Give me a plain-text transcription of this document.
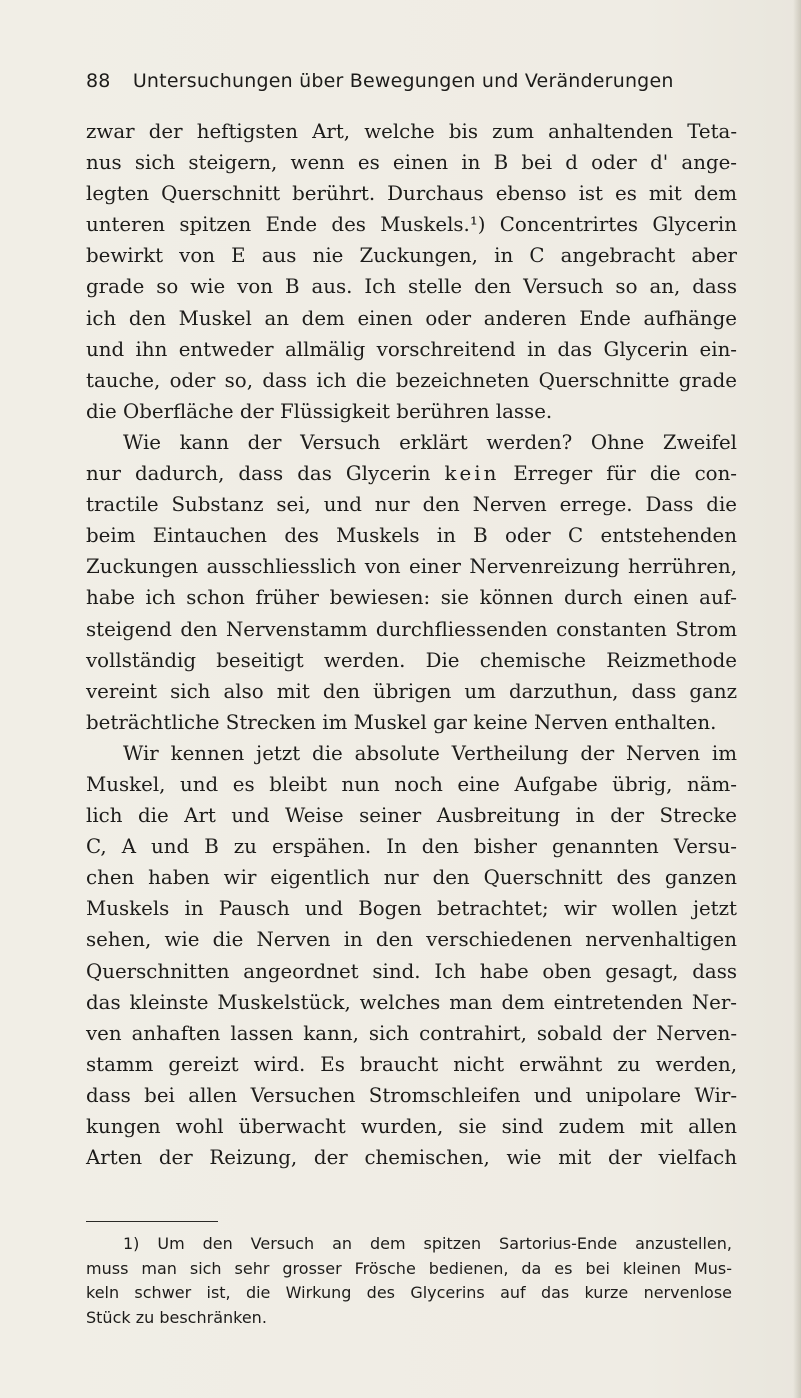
88 Untersuchungen über Bewegungen und Veränderungen
zwar der heftigsten Art, welche bis zum anhaltenden Teta-
nus sich steigern, wenn es einen in B bei d oder d' ange-
legten Querschnitt berührt. Durchaus ebenso ist es mit dem
unteren spitzen Ende des Muskels.¹) Concentrirtes Glycerin
bewirkt von E aus nie Zuckungen, in C angebracht aber
grade so wie von B aus. Ich stelle den Versuch so an, dass
ich den Muskel an dem einen oder anderen Ende aufhänge
und ihn entweder allmälig vorschreitend in das Glycerin ein-
tauche, oder so, dass ich die bezeichneten Querschnitte grade
die Oberfläche der Flüssigkeit berühren lasse.
Wie kann der Versuch erklärt werden? Ohne Zweifel
nur dadurch, dass das Glycerin kein Erreger für die con-
tractile Substanz sei, und nur den Nerven errege. Dass die
beim Eintauchen des Muskels in B oder C entstehenden
Zuckungen ausschliesslich von einer Nervenreizung herrühren,
habe ich schon früher bewiesen: sie können durch einen auf-
steigend den Nervenstamm durchfliessenden constanten Strom
vollständig beseitigt werden. Die chemische Reizmethode
vereint sich also mit den übrigen um darzuthun, dass ganz
beträchtliche Strecken im Muskel gar keine Nerven enthalten.
Wir kennen jetzt die absolute Vertheilung der Nerven im
Muskel, und es bleibt nun noch eine Aufgabe übrig, näm-
lich die Art und Weise seiner Ausbreitung in der Strecke
C, A und B zu erspähen. In den bisher genannten Versu-
chen haben wir eigentlich nur den Querschnitt des ganzen
Muskels in Pausch und Bogen betrachtet; wir wollen jetzt
sehen, wie die Nerven in den verschiedenen nervenhaltigen
Querschnitten angeordnet sind. Ich habe oben gesagt, dass
das kleinste Muskelstück, welches man dem eintretenden Ner-
ven anhaften lassen kann, sich contrahirt, sobald der Nerven-
stamm gereizt wird. Es braucht nicht erwähnt zu werden,
dass bei allen Versuchen Stromschleifen und unipolare Wir-
kungen wohl überwacht wurden, sie sind zudem mit allen
Arten der Reizung, der chemischen, wie mit der vielfach
1) Um den Versuch an dem spitzen Sartorius-Ende anzustellen,
muss man sich sehr grosser Frösche bedienen, da es bei kleinen Mus-
keln schwer ist, die Wirkung des Glycerins auf das kurze nervenlose
Stück zu beschränken.
